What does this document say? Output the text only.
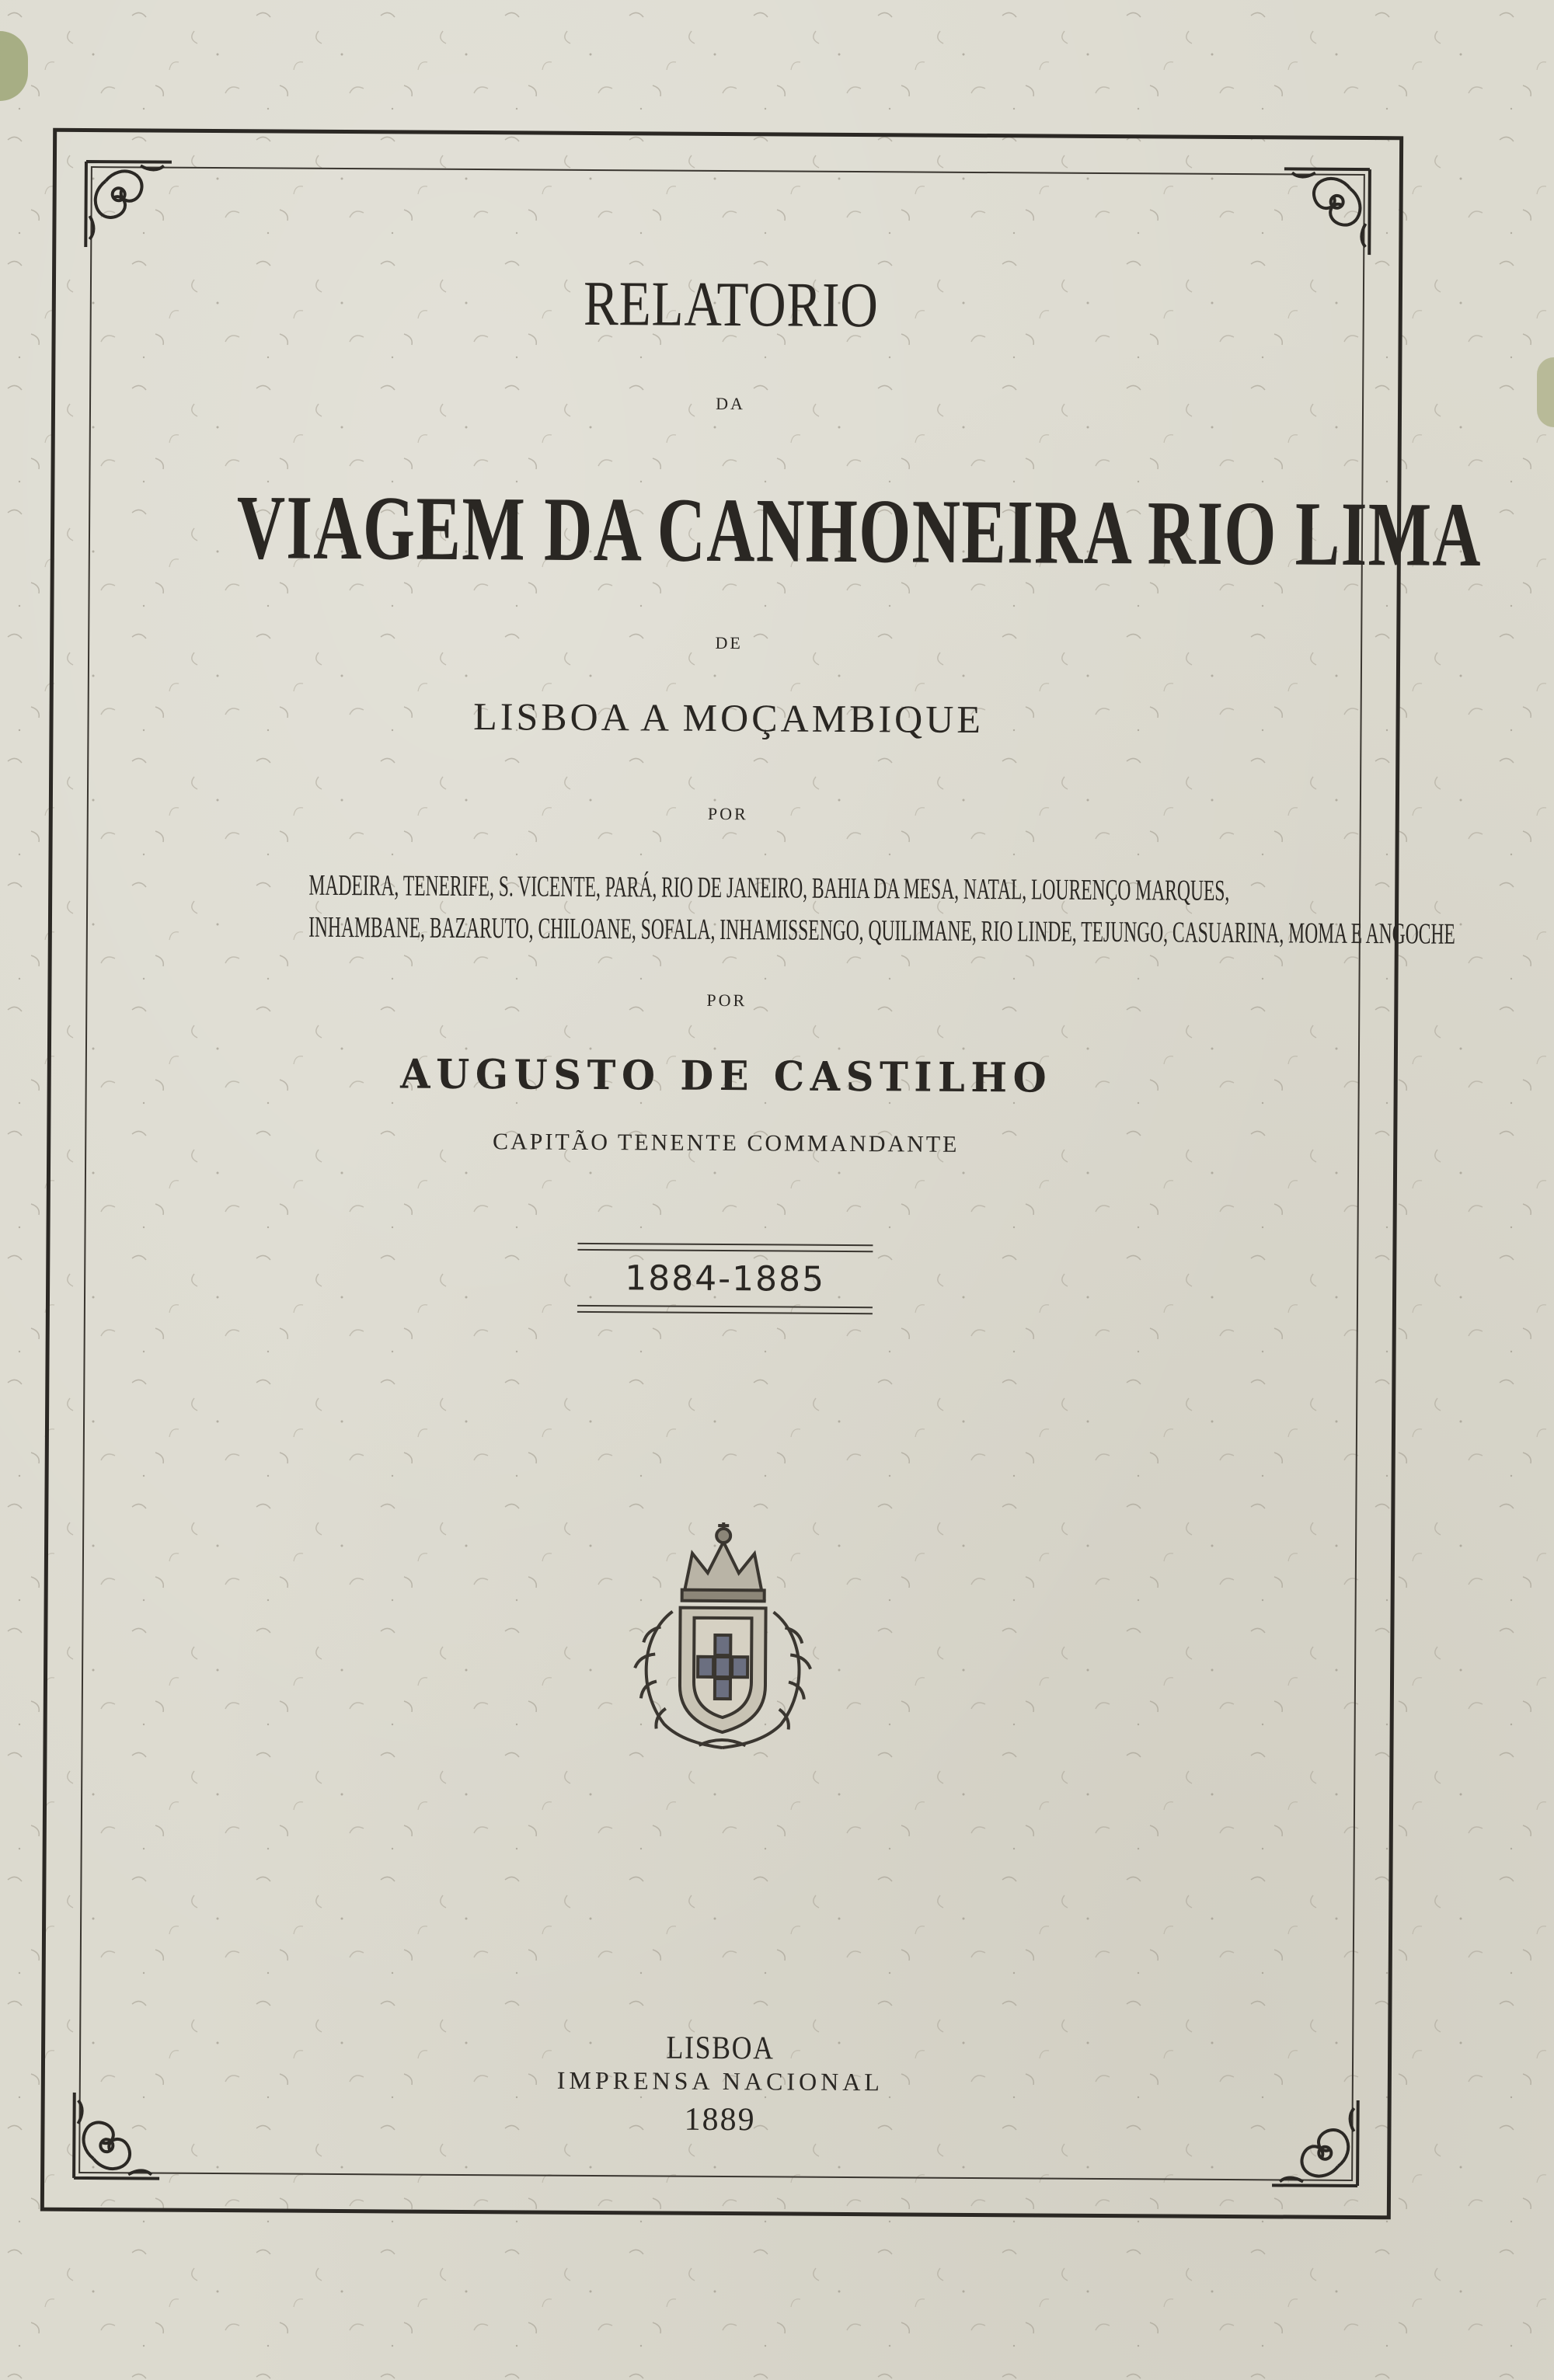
RELATORIO
DA
VIAGEM DA CANHONEIRA RIO LIMA
DE
LISBOA A MOÇAMBIQUE
POR
MADEIRA, TENERIFE, S. VICENTE, PARÁ, RIO DE JANEIRO, BAHIA DA MESA, NATAL, LOURENÇO MARQUES,
INHAMBANE, BAZARUTO, CHILOANE, SOFALA, INHAMISSENGO, QUILIMANE, RIO LINDE, TEJUNGO, CASUARINA, MOMA E ANGOCHE
POR
AUGUSTO DE CASTILHO
CAPITÃO TENENTE COMMANDANTE
1884-1885
LISBOA
IMPRENSA NACIONAL
1889
